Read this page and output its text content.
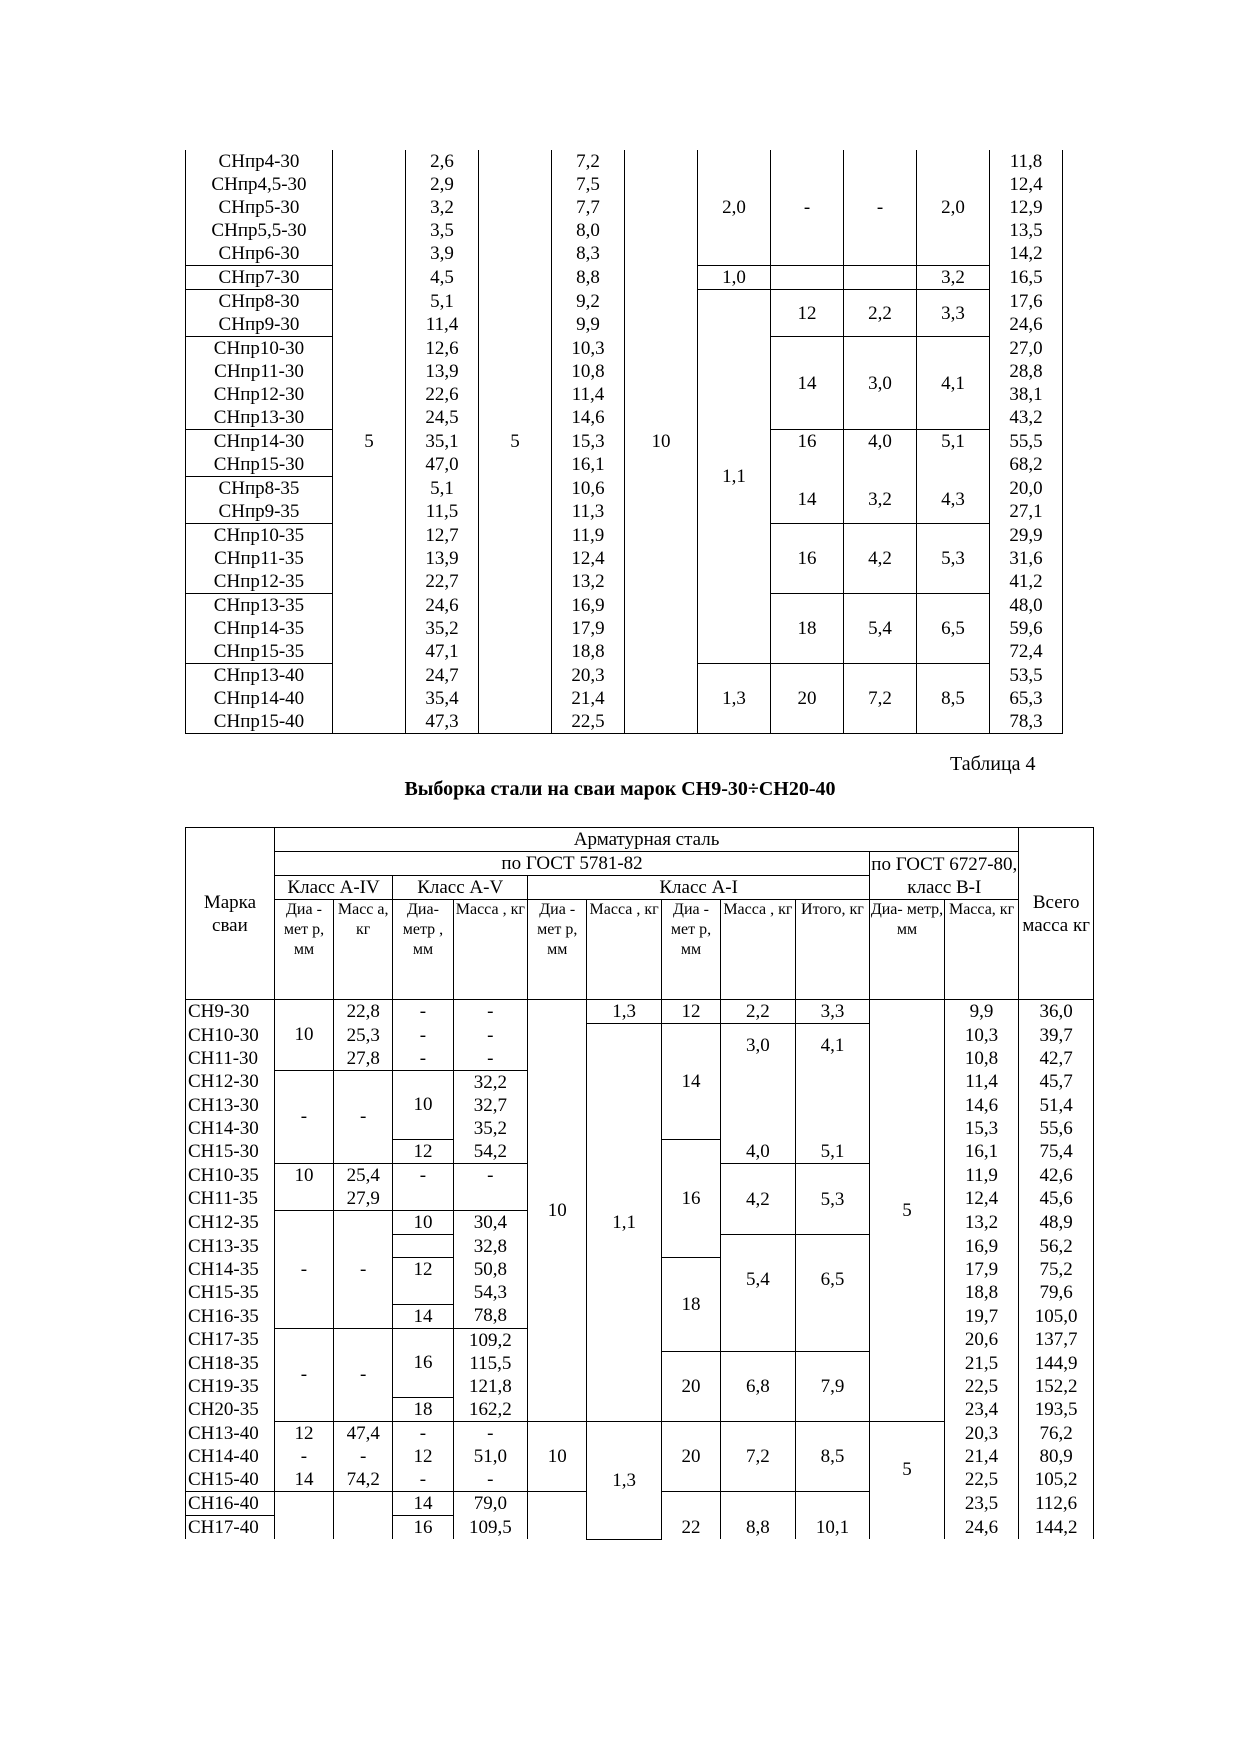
СНпр4-30	5	2,6	5	7,2	10	2,0	-	-	2,0	11,8
СНпр4,5-30		2,9		7,5						12,4
СНпр5-30		3,2		7,7						12,9
СНпр5,5-30		3,5		8,0						13,5
СНпр6-30		3,9		8,3						14,2
СНпр7-30		4,5		8,8		1,0			3,2	16,5
СНпр8-30		5,1		9,2		1,1	12	2,2	3,3	17,6
СНпр9-30		11,4		9,9						24,6
СНпр10-30		12,6		10,3			14	3,0	4,1	27,0
СНпр11-30		13,9		10,8						28,8
СНпр12-30		22,6		11,4						38,1
СНпр13-30		24,5		14,6						43,2
СНпр14-30		35,1		15,3			16	4,0	5,1	55,5
СНпр15-30		47,0		16,1						68,2
СНпр8-35		5,1		10,6			14	3,2	4,3	20,0
СНпр9-35		11,5		11,3						27,1
СНпр10-35		12,7		11,9			16	4,2	5,3	29,9
СНпр11-35		13,9		12,4						31,6
СНпр12-35		22,7		13,2						41,2
СНпр13-35		24,6		16,9			18	5,4	6,5	48,0
СНпр14-35		35,2		17,9						59,6
СНпр15-35		47,1		18,8						72,4
СНпр13-40		24,7		20,3		1,3	20	7,2	8,5	53,5
СНпр14-40		35,4		21,4						65,3
СНпр15-40		47,3		22,5						78,3
Таблица 4
Выборка стали на сваи марок СН9-30÷СН20-40
Марка сваи	Арматурная сталь											Всего масса кг
	по ГОСТ 5781-82									по ГОСТ 6727-80, класс В-I		
	Класс А-IV		Класс А-V		Класс А-I							
	Диа - мет р, мм	Масс а, кг	Диа- метр , мм	Масса , кг	Диа - мет р, мм	Масса , кг	Диа - мет р, мм	Масса , кг	Итого, кг	Диа- метр, мм	Масса, кг	
СН9-30	10	22,8	-	-	10	1,3	12	2,2	3,3	5	9,9	36,0
СН10-30		25,3	-	-		1,1	14	3,0	4,1		10,3	39,7
СН11-30		27,8	-	-							10,8	42,7
СН12-30	-	-	10	32,2							11,4	45,7
СН13-30				32,7							14,6	51,4
СН14-30				35,2							15,3	55,6
СН15-30			12	54,2			16	4,0	5,1		16,1	75,4
СН10-35	10	25,4	-	-				4,2	5,3		11,9	42,6
СН11-35		27,9									12,4	45,6
СН12-35	-	-	10	30,4							13,2	48,9
СН13-35				32,8							16,9	56,2
СН14-35			12	50,8			18	5,4	6,5		17,9	75,2
СН15-35				54,3							18,8	79,6
СН16-35			14	78,8							19,7	105,0
СН17-35	-	-	16	109,2							20,6	137,7
СН18-35				115,5			20	6,8	7,9		21,5	144,9
СН19-35				121,8							22,5	152,2
СН20-35			18	162,2							23,4	193,5
СН13-40	12	47,4	-	-	10	1,3	20	7,2	8,5	5	20,3	76,2
СН14-40	-	-	12	51,0							21,4	80,9
СН15-40	14	74,2	-	-							22,5	105,2
СН16-40			14	79,0			22	8,8	10,1		23,5	112,6
СН17-40			16	109,5							24,6	144,2
